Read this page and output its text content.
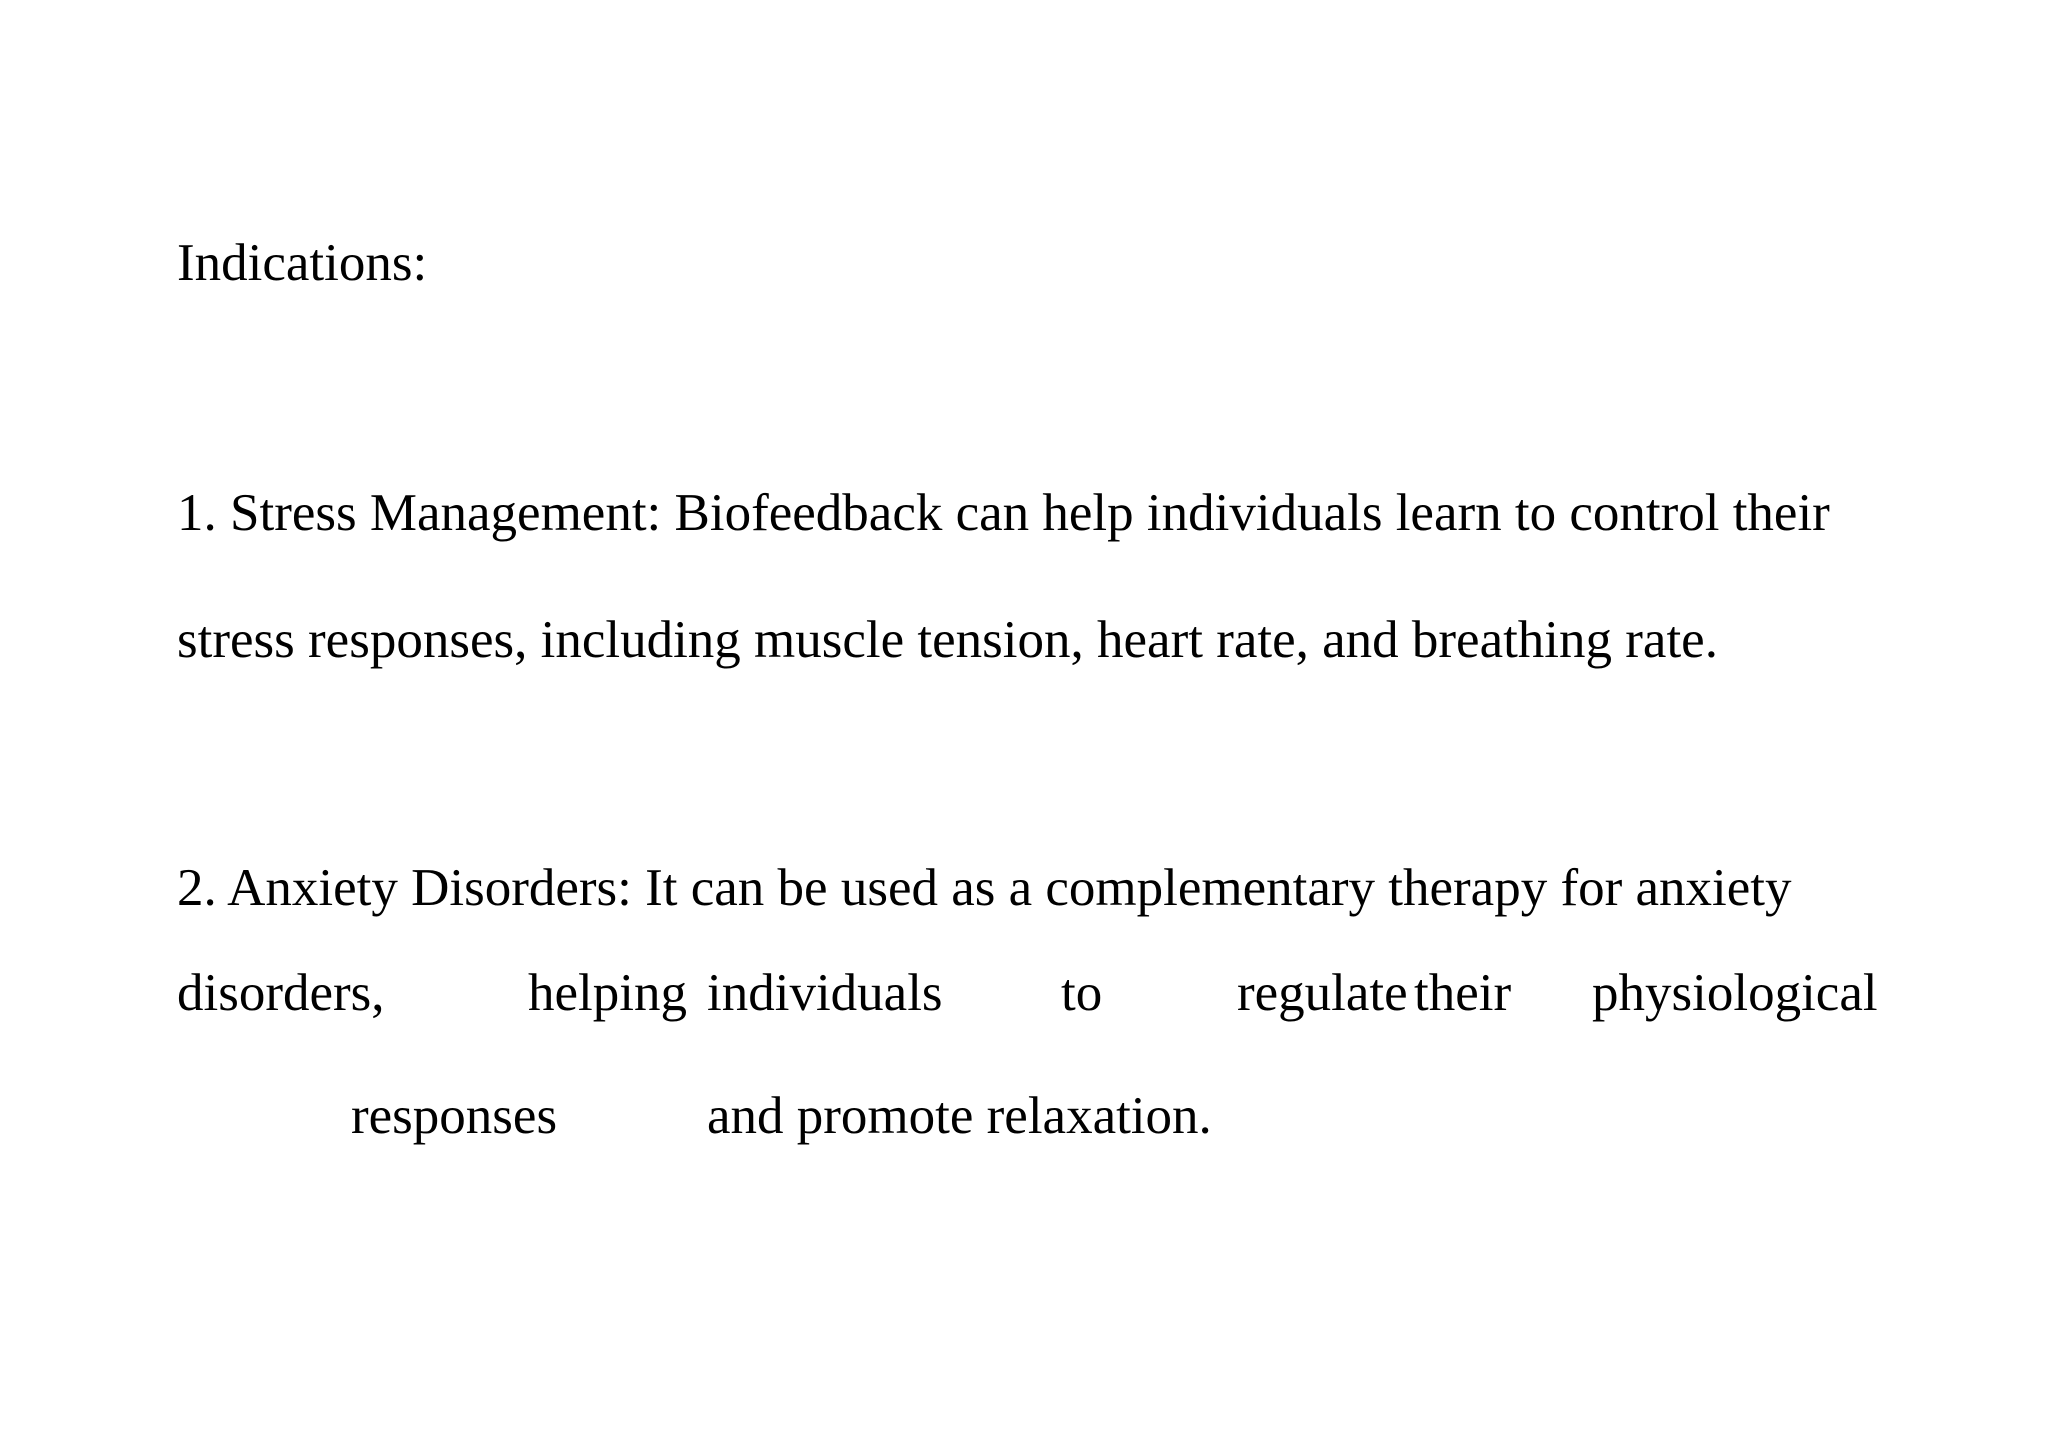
Indications:
1. Stress Management: Biofeedback can help individuals learn to control their
stress responses, including muscle tension, heart rate, and breathing rate.
2. Anxiety Disorders: It can be used as a complementary therapy for anxiety
disorders,	helping individuals to	regulate their physiological
responses	and promote relaxation.
